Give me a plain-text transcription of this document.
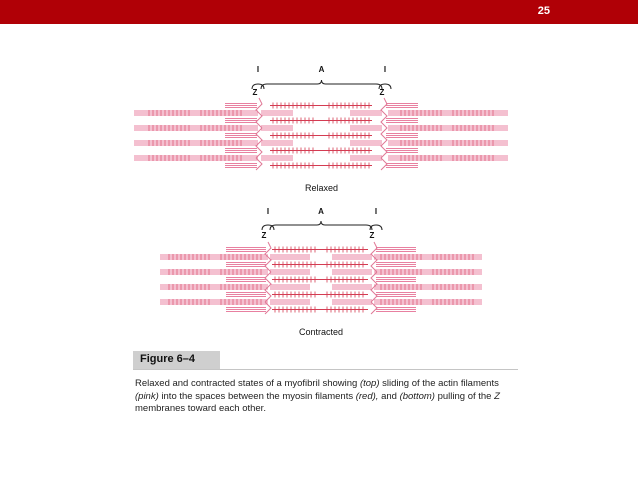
25
I	A	I
Z	Z
Relaxed
I	A	I
Z	Z
Contracted
Figure 6–4
Relaxed and contracted states of a myofibril showing (top) sliding of the actin filaments (pink) into the spaces between the myosin filaments (red), and (bottom) pulling of the Z membranes toward each other.
